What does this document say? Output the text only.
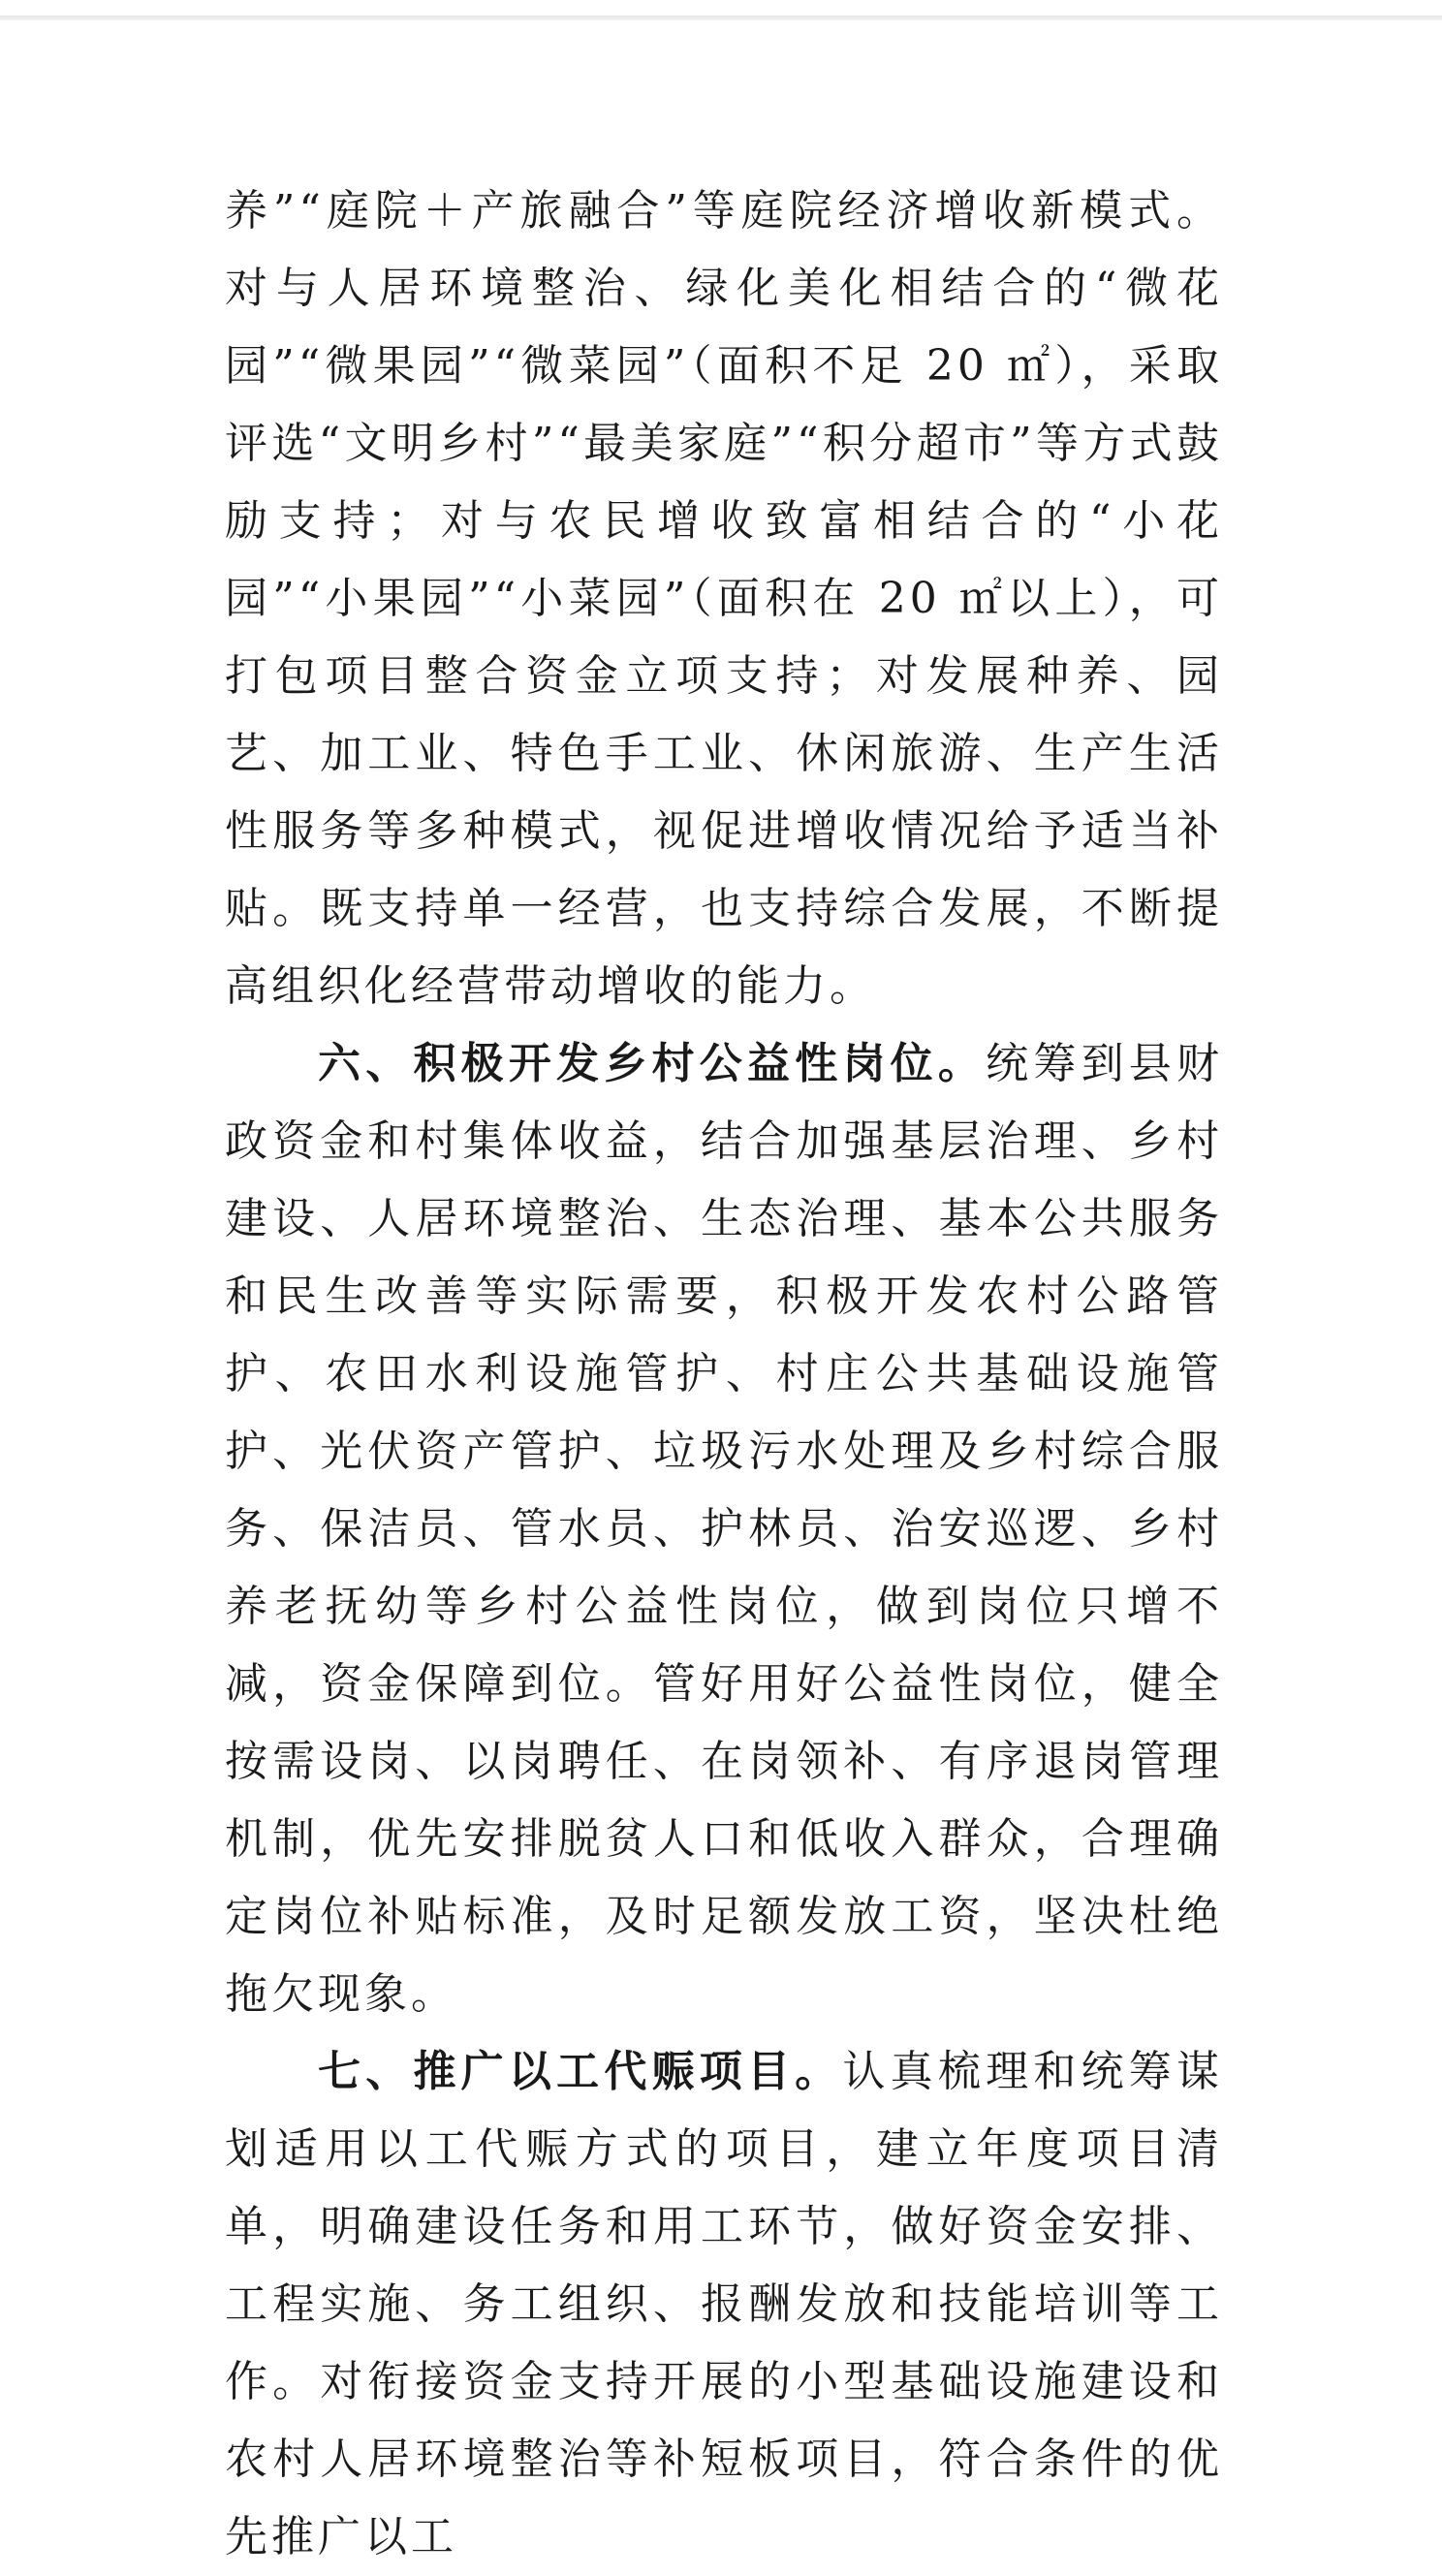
养”“庭院＋产旅融合”等庭院经济增收新模式。对与人居环境整治、绿化美化相结合的“微花园”“微果园”“微菜园”（面积不足 20 ㎡），采取评选“文明乡村”“最美家庭”“积分超市”等方式鼓励支持；对与农民增收致富相结合的“小花园”“小果园”“小菜园”（面积在 20 ㎡以上），可打包项目整合资金立项支持；对发展种养、园艺、加工业、特色手工业、休闲旅游、生产生活性服务等多种模式，视促进增收情况给予适当补贴。既支持单一经营，也支持综合发展，不断提高组织化经营带动增收的能力。

六、积极开发乡村公益性岗位。统筹到县财政资金和村集体收益，结合加强基层治理、乡村建设、人居环境整治、生态治理、基本公共服务和民生改善等实际需要，积极开发农村公路管护、农田水利设施管护、村庄公共基础设施管护、光伏资产管护、垃圾污水处理及乡村综合服务、保洁员、管水员、护林员、治安巡逻、乡村养老抚幼等乡村公益性岗位，做到岗位只增不减，资金保障到位。管好用好公益性岗位，健全按需设岗、以岗聘任、在岗领补、有序退岗管理机制，优先安排脱贫人口和低收入群众，合理确定岗位补贴标准，及时足额发放工资，坚决杜绝拖欠现象。

七、推广以工代赈项目。认真梳理和统筹谋划适用以工代赈方式的项目，建立年度项目清单，明确建设任务和用工环节，做好资金安排、工程实施、务工组织、报酬发放和技能培训等工作。对衔接资金支持开展的小型基础设施建设和农村人居环境整治等补短板项目，符合条件的优先推广以工
